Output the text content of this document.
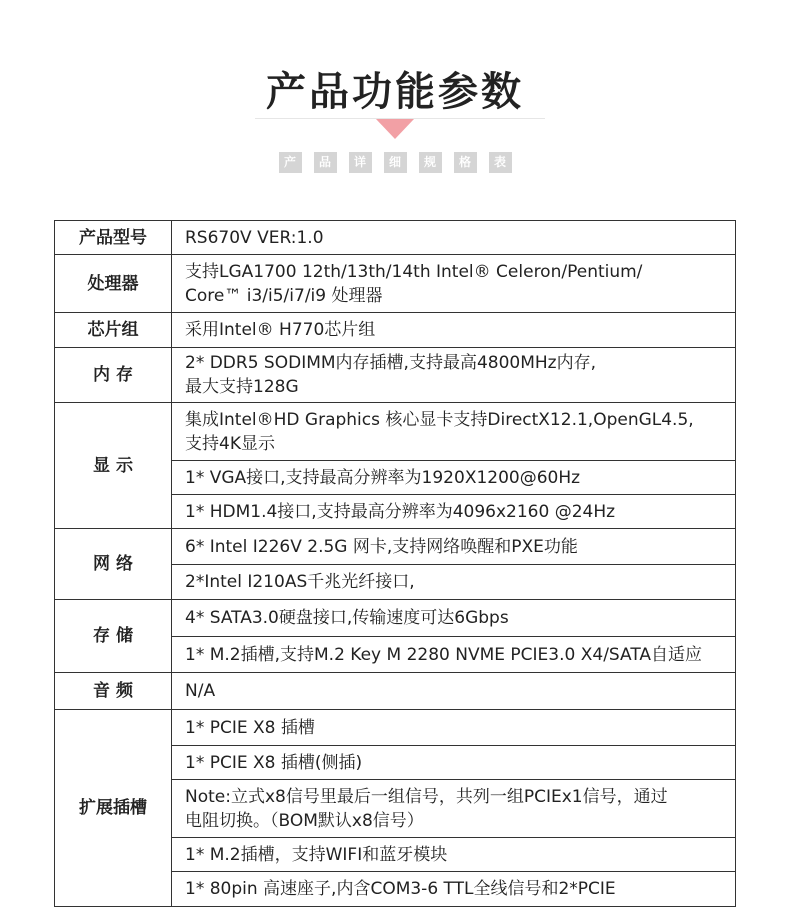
产品功能参数
产	品	详	细	规	格	表
产品型号	RS670V VER:1.0

处理器	支持LGA1700 12th/13th/14th Intel® Celeron/Pentium/
Core™ i3/i5/i7/i9 处理器

芯片组	采用Intel® H770芯片组

内 存	2* DDR5 SODIMM内存插槽,支持最高4800MHz内存,
最大支持128G

显 示	集成Intel®HD Graphics 核心显卡支持DirectX12.1,OpenGL4.5,
支持4K显示

	1* VGA接口,支持最高分辨率为1920X1200@60Hz

	1* HDM1.4接口,支持最高分辨率为4096x2160 @24Hz

网 络	6* Intel I226V 2.5G 网卡,支持网络唤醒和PXE功能

	2*Intel I210AS千兆光纤接口,

存 储	4* SATA3.0硬盘接口,传输速度可达6Gbps

	1* M.2插槽,支持M.2 Key M 2280 NVME PCIE3.0 X4/SATA自适应

音 频	N/A

扩展插槽	1* PCIE X8 插槽

	1* PCIE X8 插槽(侧插)

	Note:立式x8信号里最后一组信号，共列一组PCIEx1信号，通过
电阻切换。（BOM默认x8信号）

	1* M.2插槽，支持WIFI和蓝牙模块

	1* 80pin 高速座子,内含COM3-6 TTL全线信号和2*PCIE
